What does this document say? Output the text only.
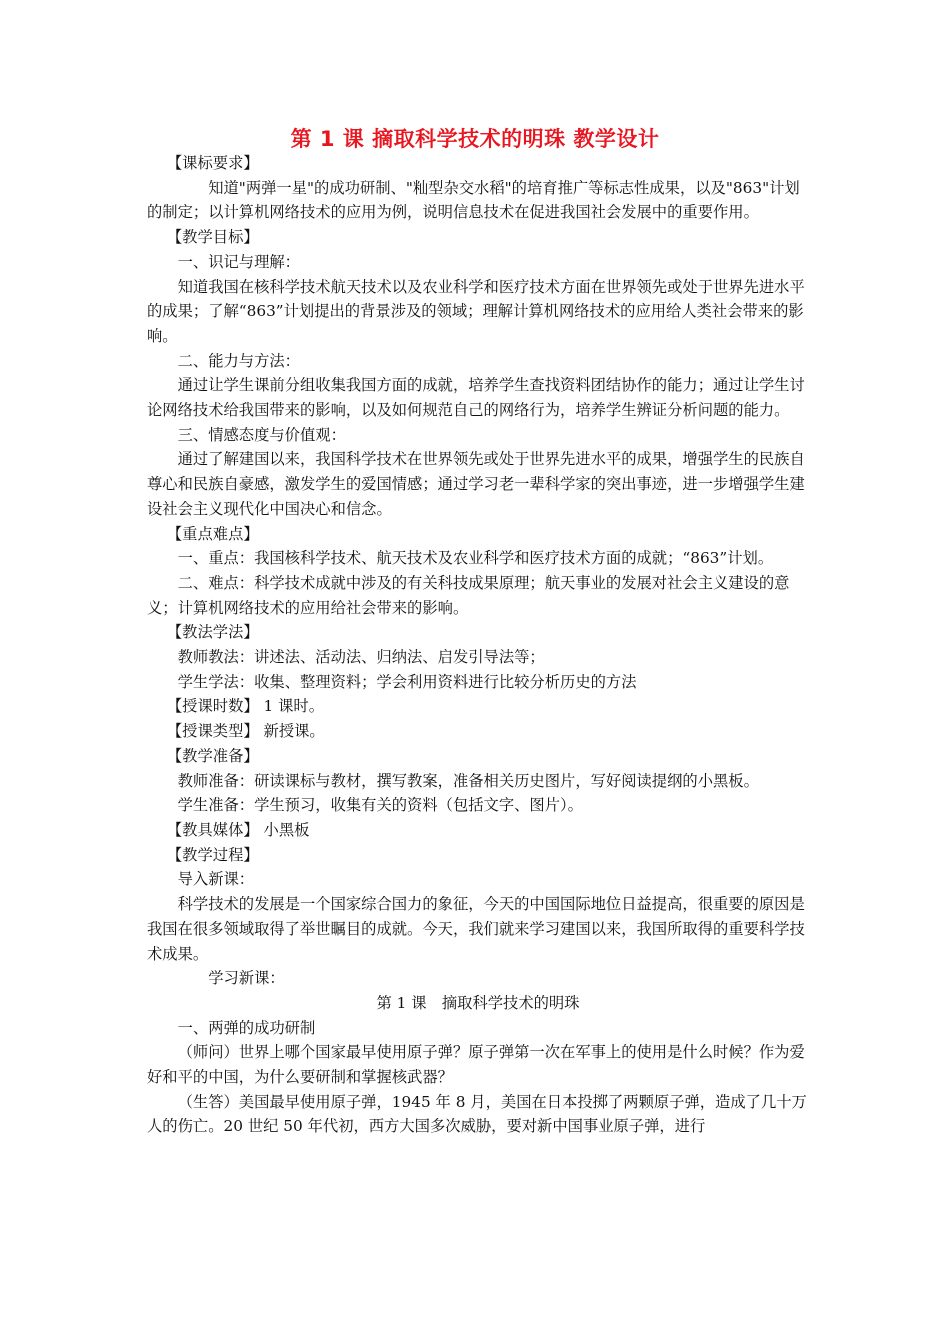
第 1 课 摘取科学技术的明珠 教学设计

【课标要求】

知道"两弹一星"的成功研制、"籼型杂交水稻"的培育推广等标志性成果，以及"863"计划的制定；以计算机网络技术的应用为例，说明信息技术在促进我国社会发展中的重要作用。

【教学目标】

一、识记与理解：

知道我国在核科学技术航天技术以及农业科学和医疗技术方面在世界领先或处于世界先进水平的成果；了解“863”计划提出的背景涉及的领域；理解计算机网络技术的应用给人类社会带来的影响。

二、能力与方法：

通过让学生课前分组收集我国方面的成就，培养学生查找资料团结协作的能力；通过让学生讨论网络技术给我国带来的影响，以及如何规范自己的网络行为，培养学生辨证分析问题的能力。

三、情感态度与价值观：

通过了解建国以来，我国科学技术在世界领先或处于世界先进水平的成果，增强学生的民族自尊心和民族自豪感，激发学生的爱国情感；通过学习老一辈科学家的突出事迹，进一步增强学生建设社会主义现代化中国决心和信念。

【重点难点】

一、重点：我国核科学技术、航天技术及农业科学和医疗技术方面的成就；“863”计划。

二、难点：科学技术成就中涉及的有关科技成果原理；航天事业的发展对社会主义建设的意义；计算机网络技术的应用给社会带来的影响。

【教法学法】

教师教法：讲述法、活动法、归纳法、启发引导法等；

学生学法：收集、整理资料；学会利用资料进行比较分析历史的方法

【授课时数】 1 课时。

【授课类型】 新授课。

【教学准备】

教师准备：研读课标与教材，撰写教案，准备相关历史图片，写好阅读提纲的小黑板。

学生准备：学生预习，收集有关的资料（包括文字、图片）。

【教具媒体】 小黑板

【教学过程】

导入新课：

科学技术的发展是一个国家综合国力的象征，今天的中国国际地位日益提高，很重要的原因是我国在很多领域取得了举世瞩目的成就。今天，我们就来学习建国以来，我国所取得的重要科学技术成果。

学习新课：

第 1 课　摘取科学技术的明珠

一、两弹的成功研制

（师问）世界上哪个国家最早使用原子弹？原子弹第一次在军事上的使用是什么时候？作为爱好和平的中国，为什么要研制和掌握核武器？

（生答）美国最早使用原子弹，1945 年 8 月，美国在日本投掷了两颗原子弹，造成了几十万人的伤亡。20 世纪 50 年代初，西方大国多次威胁，要对新中国事业原子弹，进行
